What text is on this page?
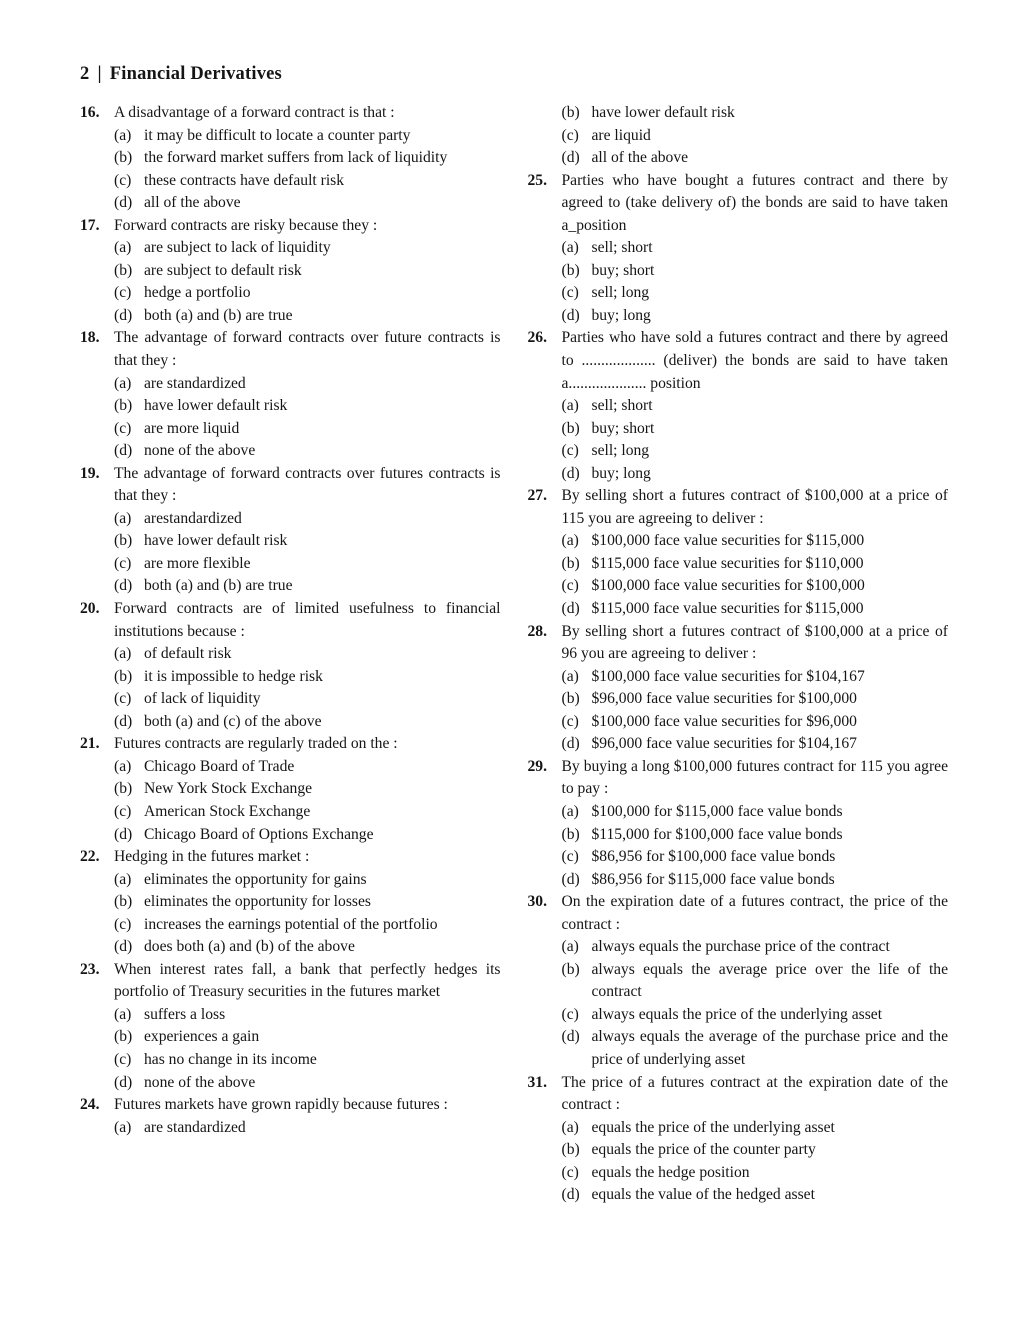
2 | Financial Derivatives
16. A disadvantage of a forward contract is that :
(a) it may be difficult to locate a counter party
(b) the forward market suffers from lack of liquidity
(c) these contracts have default risk
(d) all of the above
17. Forward contracts are risky because they :
(a) are subject to lack of liquidity
(b) are subject to default risk
(c) hedge a portfolio
(d) both (a) and (b) are true
18. The advantage of forward contracts over future contracts is that they :
(a) are standardized
(b) have lower default risk
(c) are more liquid
(d) none of the above
19. The advantage of forward contracts over futures contracts is that they :
(a) arestandardized
(b) have lower default risk
(c) are more flexible
(d) both (a) and (b) are true
20. Forward contracts are of limited usefulness to financial institutions because :
(a) of default risk
(b) it is impossible to hedge risk
(c) of lack of liquidity
(d) both (a) and (c) of the above
21. Futures contracts are regularly traded on the :
(a) Chicago Board of Trade
(b) New York Stock Exchange
(c) American Stock Exchange
(d) Chicago Board of Options Exchange
22. Hedging in the futures market :
(a) eliminates the opportunity for gains
(b) eliminates the opportunity for losses
(c) increases the earnings potential of the portfolio
(d) does both (a) and (b) of the above
23. When interest rates fall, a bank that perfectly hedges its portfolio of Treasury securities in the futures market
(a) suffers a loss
(b) experiences a gain
(c) has no change in its income
(d) none of the above
24. Futures markets have grown rapidly because futures :
(a) are standardized
(b) have lower default risk
(c) are liquid
(d) all of the above
25. Parties who have bought a futures contract and there by agreed to (take delivery of) the bonds are said to have taken a_position
(a) sell; short
(b) buy; short
(c) sell; long
(d) buy; long
26. Parties who have sold a futures contract and there by agreed to ................... (deliver) the bonds are said to have taken a.................... position
(a) sell; short
(b) buy; short
(c) sell; long
(d) buy; long
27. By selling short a futures contract of $100,000 at a price of 115 you are agreeing to deliver :
(a) $100,000 face value securities for $115,000
(b) $115,000 face value securities for $110,000
(c) $100,000 face value securities for $100,000
(d) $115,000 face value securities for $115,000
28. By selling short a futures contract of $100,000 at a price of 96 you are agreeing to deliver :
(a) $100,000 face value securities for $104,167
(b) $96,000 face value securities for $100,000
(c) $100,000 face value securities for $96,000
(d) $96,000 face value securities for $104,167
29. By buying a long $100,000 futures contract for 115 you agree to pay :
(a) $100,000 for $115,000 face value bonds
(b) $115,000 for $100,000 face value bonds
(c) $86,956 for $100,000 face value bonds
(d) $86,956 for $115,000 face value bonds
30. On the expiration date of a futures contract, the price of the contract :
(a) always equals the purchase price of the contract
(b) always equals the average price over the life of the contract
(c) always equals the price of the underlying asset
(d) always equals the average of the purchase price and the price of underlying asset
31. The price of a futures contract at the expiration date of the contract :
(a) equals the price of the underlying asset
(b) equals the price of the counter party
(c) equals the hedge position
(d) equals the value of the hedged asset
